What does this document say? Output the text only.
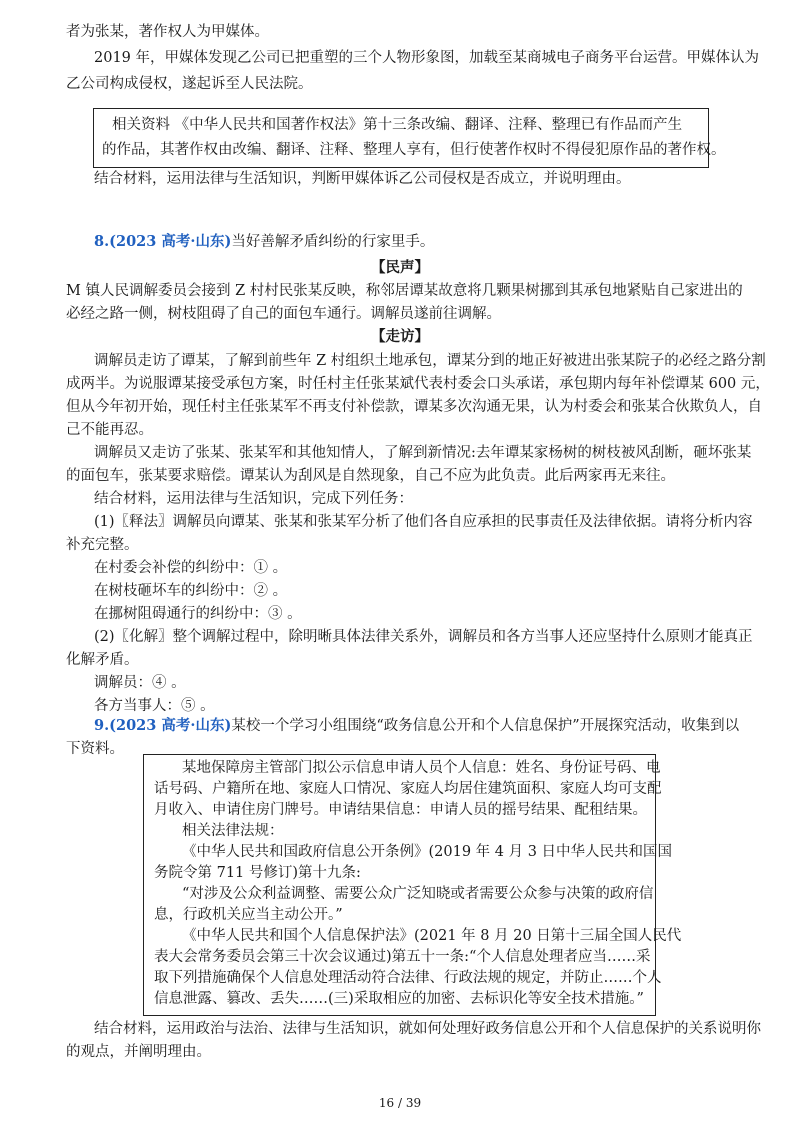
者为张某，著作权人为甲媒体。

2019 年，甲媒体发现乙公司已把重塑的三个人物形象图，加载至某商城电子商务平台运营。甲媒体认为

乙公司构成侵权，遂起诉至人民法院。

相关资料 《中华人民共和国著作权法》第十三条改编、翻译、注释、整理已有作品而产生

的作品，其著作权由改编、翻译、注释、整理人享有，但行使著作权时不得侵犯原作品的著作权。

结合材料，运用法律与生活知识，判断甲媒体诉乙公司侵权是否成立，并说明理由。

8.(2023 高考·山东)当好善解矛盾纠纷的行家里手。

【民声】

M 镇人民调解委员会接到 Z 村村民张某反映，称邻居谭某故意将几颗果树挪到其承包地紧贴自己家进出的

必经之路一侧，树枝阻碍了自己的面包车通行。调解员遂前往调解。

【走访】

调解员走访了谭某，了解到前些年 Z 村组织土地承包，谭某分到的地正好被进出张某院子的必经之路分割

成两半。为说服谭某接受承包方案，时任村主任张某斌代表村委会口头承诺，承包期内每年补偿谭某 600 元，

但从今年初开始，现任村主任张某军不再支付补偿款，谭某多次沟通无果，认为村委会和张某合伙欺负人，自

己不能再忍。

调解员又走访了张某、张某军和其他知情人，了解到新情况:去年谭某家杨树的树枝被风刮断，砸坏张某

的面包车，张某要求赔偿。谭某认为刮风是自然现象，自己不应为此负责。此后两家再无来往。

结合材料，运用法律与生活知识，完成下列任务：

(1)〖释法〗调解员向谭某、张某和张某军分析了他们各自应承担的民事责任及法律依据。请将分析内容

补充完整。

在村委会补偿的纠纷中：① 。

在树枝砸坏车的纠纷中：② 。

在挪树阻碍通行的纠纷中：③ 。

(2)〖化解〗整个调解过程中，除明晰具体法律关系外，调解员和各方当事人还应坚持什么原则才能真正

化解矛盾。

调解员：④ 。

各方当事人：⑤ 。

9.(2023 高考·山东)某校一个学习小组围绕“政务信息公开和个人信息保护”开展探究活动，收集到以

下资料。

某地保障房主管部门拟公示信息申请人员个人信息：姓名、身份证号码、电

话号码、户籍所在地、家庭人口情况、家庭人均居住建筑面积、家庭人均可支配

月收入、申请住房门牌号。申请结果信息：申请人员的摇号结果、配租结果。

相关法律法规：

《中华人民共和国政府信息公开条例》(2019 年 4 月 3 日中华人民共和国国

务院令第 711 号修订)第十九条:

“对涉及公众利益调整、需要公众广泛知晓或者需要公众参与决策的政府信

息，行政机关应当主动公开。”

《中华人民共和国个人信息保护法》(2021 年 8 月 20 日第十三届全国人民代

表大会常务委员会第三十次会议通过)第五十一条:“个人信息处理者应当……采

取下列措施确保个人信息处理活动符合法律、行政法规的规定，并防止……个人

信息泄露、篡改、丢失……(三)采取相应的加密、去标识化等安全技术措施。”

结合材料，运用政治与法治、法律与生活知识，就如何处理好政务信息公开和个人信息保护的关系说明你

的观点，并阐明理由。

16 / 39
